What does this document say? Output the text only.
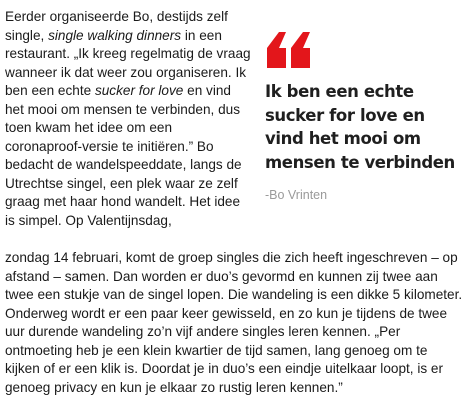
Eerder organiseerde Bo, destijds zelf single, single walking dinners in een restaurant. „Ik kreeg regelmatig de vraag wanneer ik dat weer zou organiseren. Ik ben een echte sucker for love en vind het mooi om mensen te verbinden, dus toen kwam het idee om een coronaproof-versie te initiëren.” Bo bedacht de wandelspeeddate, langs de Utrechtse singel, een plek waar ze zelf graag met haar hond wandelt. Het idee is simpel. Op Valentijnsdag,

Ik ben een echte sucker for love en vind het mooi om mensen te verbinden
-Bo Vrinten

zondag 14 februari, komt de groep singles die zich heeft ingeschreven – op afstand – samen. Dan worden er duo’s gevormd en kunnen zij twee aan twee een stukje van de singel lopen. Die wandeling is een dikke 5 kilometer. Onderweg wordt er een paar keer gewisseld, en zo kun je tijdens de twee uur durende wandeling zo’n vijf andere singles leren kennen. „Per ontmoeting heb je een klein kwartier de tijd samen, lang genoeg om te kijken of er een klik is. Doordat je in duo’s een eindje uitelkaar loopt, is er genoeg privacy en kun je elkaar zo rustig leren kennen.”
